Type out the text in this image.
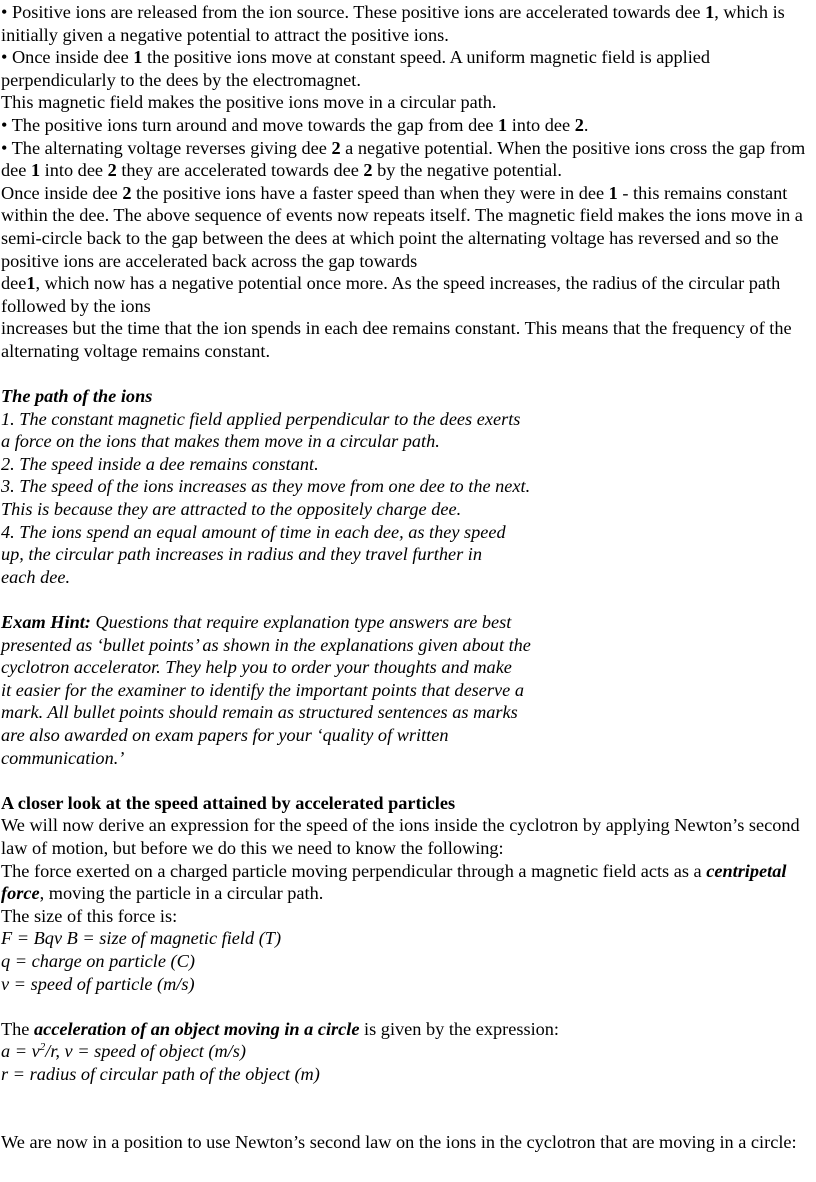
• Positive ions are released from the ion source. These positive ions are accelerated towards dee 1, which is initially given a negative potential to attract the positive ions.

• Once inside dee 1 the positive ions move at constant speed. A uniform magnetic field is applied perpendicularly to the dees by the electromagnet.

This magnetic field makes the positive ions move in a circular path.

• The positive ions turn around and move towards the gap from dee 1 into dee 2.

• The alternating voltage reverses giving dee 2 a negative potential. When the positive ions cross the gap from dee 1 into dee 2 they are accelerated towards dee 2 by the negative potential.

Once inside dee 2 the positive ions have a faster speed than when they were in dee 1 - this remains constant within the dee. The above sequence of events now repeats itself. The magnetic field makes the ions move in a semi-circle back to the gap between the dees at which point the alternating voltage has reversed and so the positive ions are accelerated back across the gap towards

dee1, which now has a negative potential once more. As the speed increases, the radius of the circular path followed by the ions

increases but the time that the ion spends in each dee remains constant. This means that the frequency of the alternating voltage remains constant.

The path of the ions

1. The constant magnetic field applied perpendicular to the dees exerts

a force on the ions that makes them move in a circular path.

2. The speed inside a dee remains constant.

3. The speed of the ions increases as they move from one dee to the next.

This is because they are attracted to the oppositely charge dee.

4. The ions spend an equal amount of time in each dee, as they speed

up, the circular path increases in radius and they travel further in

each dee.

Exam Hint: Questions that require explanation type answers are best

presented as ‘bullet points’ as shown in the explanations given about the

cyclotron accelerator. They help you to order your thoughts and make

it easier for the examiner to identify the important points that deserve a

mark. All bullet points should remain as structured sentences as marks

are also awarded on exam papers for your ‘quality of written

communication.’

A closer look at the speed attained by accelerated particles

We will now derive an expression for the speed of the ions inside the cyclotron by applying Newton’s second law of motion, but before we do this we need to know the following:

The force exerted on a charged particle moving perpendicular through a magnetic field acts as a centripetal force, moving the particle in a circular path.

The size of this force is:

F = Bqv B = size of magnetic field (T)

q = charge on particle (C)

v = speed of particle (m/s)

The acceleration of an object moving in a circle is given by the expression:

$a = v^2/r$, v = speed of object (m/s)

r = radius of circular path of the object (m)

We are now in a position to use Newton’s second law on the ions in the cyclotron that are moving in a circle:
